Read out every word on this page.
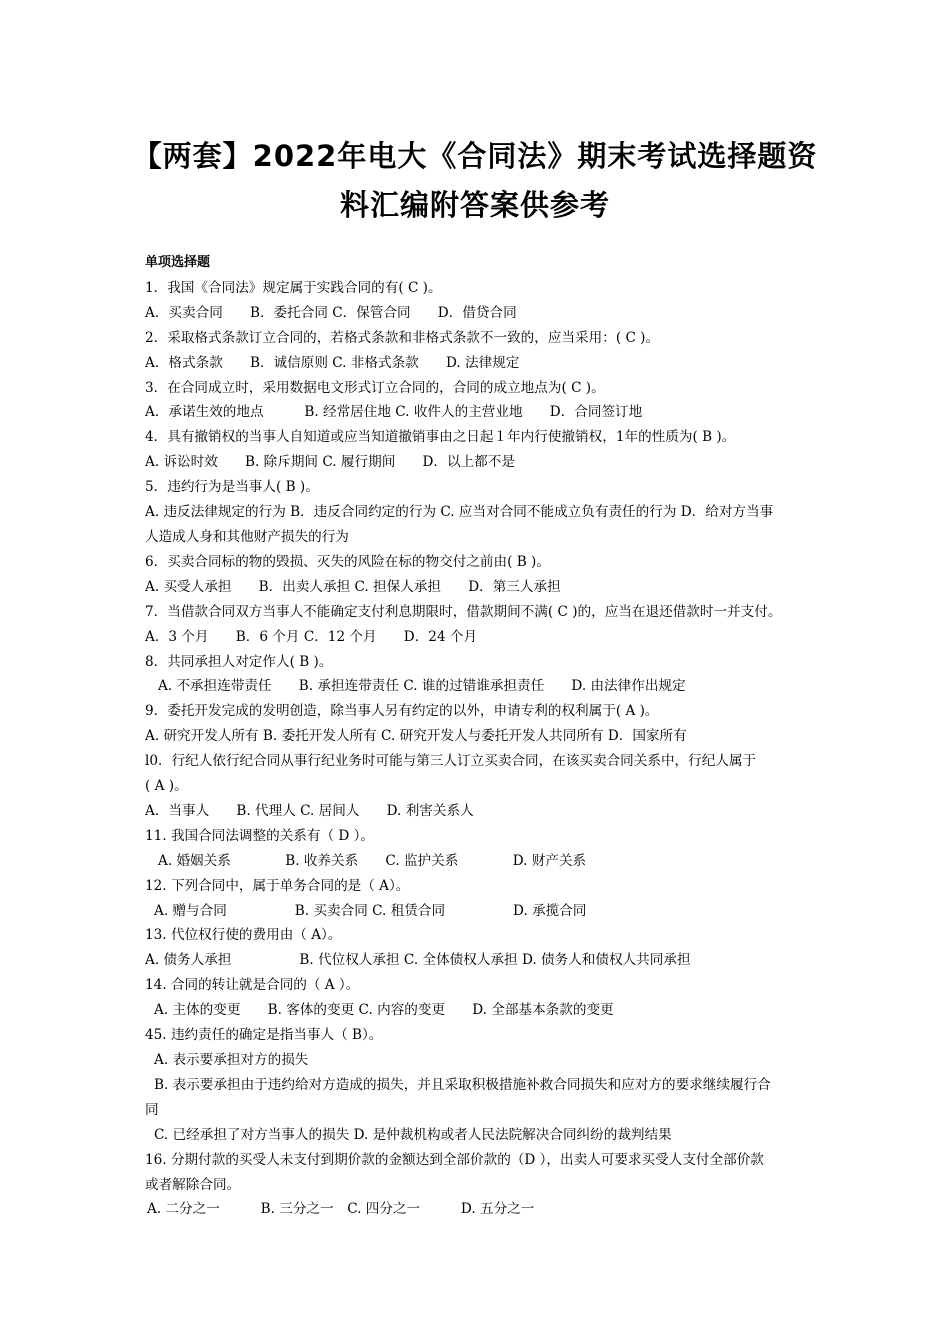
【两套】2022年电大《合同法》期末考试选择题资
料汇编附答案供参考
单项选择题
1．我国《合同法》规定属于实践合同的有( C )。
A．买卖合同　　B．委托合同 C．保管合同　　D．借贷合同
2．采取格式条款订立合同的，若格式条款和非格式条款不一致的，应当采用：( C )。
A．格式条款　　B．诚信原则 C. 非格式条款　　D. 法律规定
3．在合同成立时，采用数据电文形式订立合同的，合同的成立地点为( C )。
A．承诺生效的地点　　　B. 经常居住地 C. 收件人的主营业地　　D．合同签订地
4．具有撤销权的当事人自知道或应当知道撤销事由之日起１年内行使撤销权，1年的性质为( B )。
A. 诉讼时效　　B. 除斥期间 C. 履行期间　　D．以上都不是
5．违约行为是当事人( B )。
A. 违反法律规定的行为 B．违反合同约定的行为 C. 应当对合同不能成立负有责任的行为 D．给对方当事
人造成人身和其他财产损失的行为
6．买卖合同标的物的毁损、灭失的风险在标的物交付之前由( B )。
A. 买受人承担　　B．出卖人承担 C. 担保人承担　　D．第三人承担
7．当借款合同双方当事人不能确定支付利息期限时，借款期间不满( C )的，应当在退还借款时一并支付。
A．3 个月　　B．6 个月 C．12 个月　　D．24 个月
8．共同承担人对定作人( B )。
A. 不承担连带责任　　B. 承担连带责任 C. 谁的过错谁承担责任　　D. 由法律作出规定
9．委托开发完成的发明创造，除当事人另有约定的以外，申请专利的权利属于( A )。
A. 研究开发人所有 B. 委托开发人所有 C. 研究开发人与委托开发人共同所有 D．国家所有
l0．行纪人依行纪合同从事行纪业务时可能与第三人订立买卖合同，在该买卖合同关系中，行纪人属于
( A )。
A．当事人　　B. 代理人 C. 居间人　　D. 利害关系人
11. 我国合同法调整的关系有（ D ）。
A. 婚姻关系　　　　B. 收养关系　　C. 监护关系　　　　D. 财产关系
12. 下列合同中，属于单务合同的是（ A）。
A. 赠与合同　　　　　B. 买卖合同 C. 租赁合同　　　　　D. 承揽合同
13. 代位权行使的费用由（ A）。
A. 债务人承担　　　　　B. 代位权人承担 C. 全体债权人承担 D. 债务人和债权人共同承担
14. 合同的转让就是合同的（ A ）。
A. 主体的变更　　B. 客体的变更 C. 内容的变更　　D. 全部基本条款的变更
45. 违约责任的确定是指当事人（ B）。
A. 表示要承担对方的损失
B. 表示要承担由于违约给对方造成的损失，并且采取积极措施补救合同损失和应对方的要求继续履行合
同
C. 已经承担了对方当事人的损失 D. 是仲裁机构或者人民法院解决合同纠纷的裁判结果
16. 分期付款的买受人未支付到期价款的金额达到全部价款的（D ），出卖人可要求买受人支付全部价款
或者解除合同。
A. 二分之一　　　B. 三分之一　C. 四分之一　　　D. 五分之一
